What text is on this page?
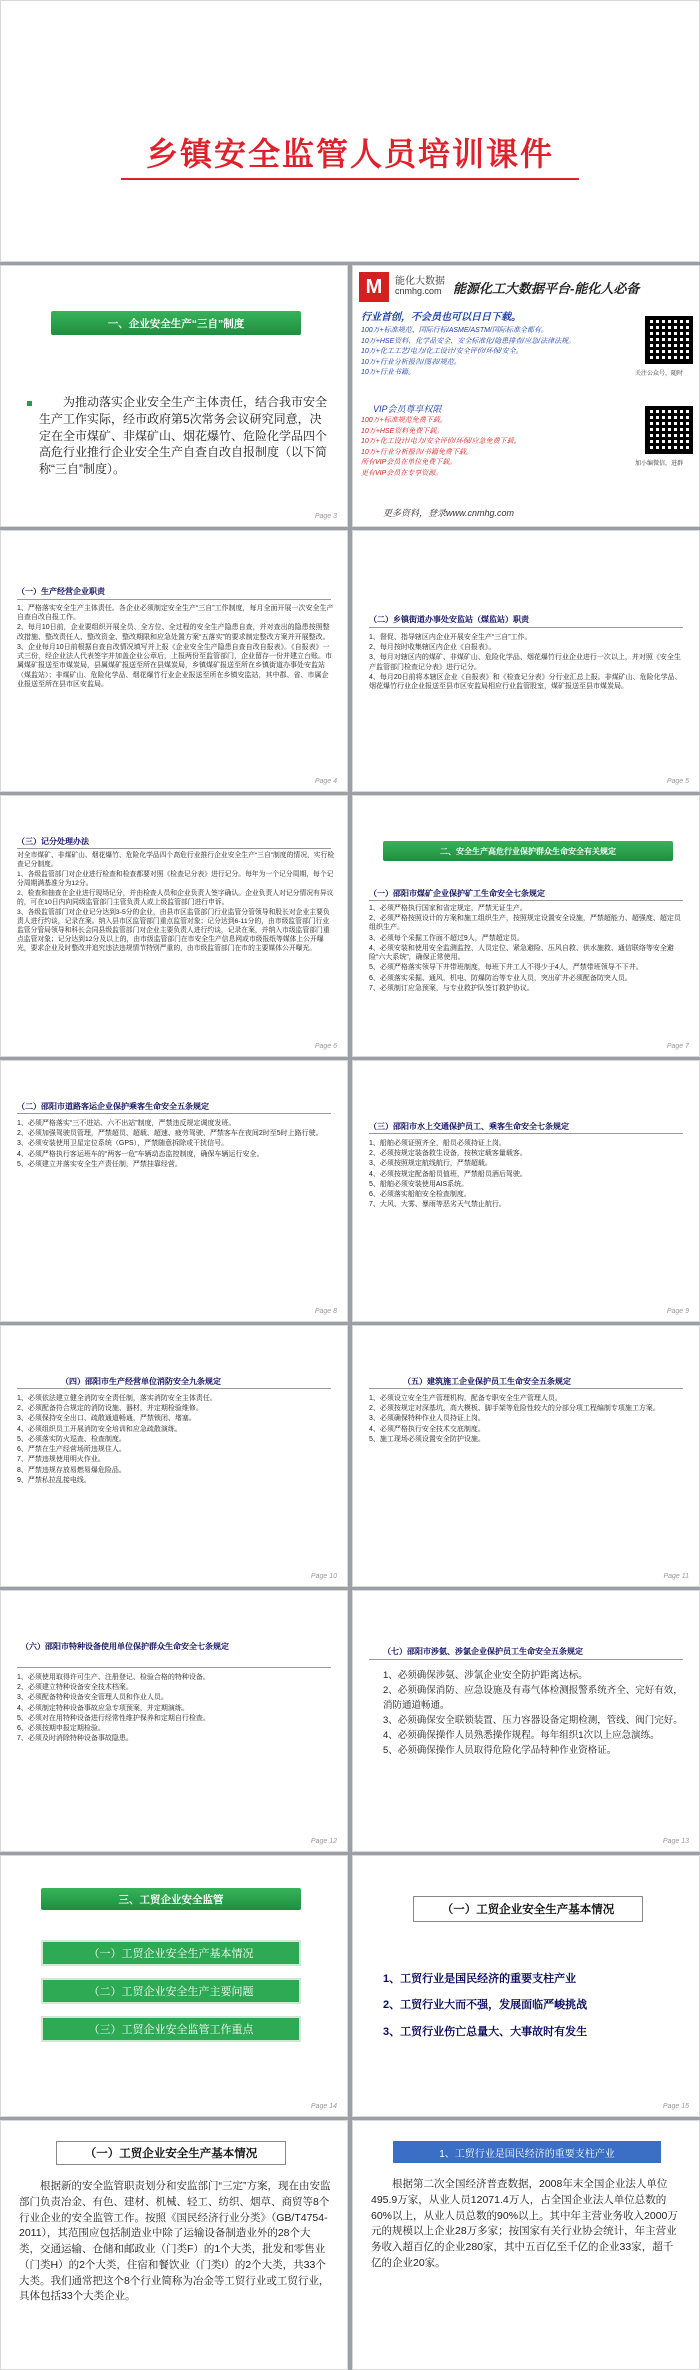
乡镇安全监管人员培训课件
一、企业安全生产“三自”制度
为推动落实企业安全生产主体责任，结合我市安全生产工作实际，经市政府第5次常务会议研究同意，决定在全市煤矿、非煤矿山、烟花爆竹、危险化学品四个高危行业推行企业安全生产自查自改自报制度（以下简称“三自”制度）。
Page 3
M	能化大数据
cnmhg.com 能源化工大数据平台-能化人必备
行业首创，不会员也可以日日下载。
100万+标准规范、国际行标/ASME/ASTM/国际标准全都有。
10万+HSE资料、化学品安全、安全标准化/隐患排查/应急/法律法规。
10万+化工工艺/电力/化工设计/安全评价/环保/安全。
10万+行业分析报告/图表/规范。
10万+行业书籍。
VIP会员尊享权限
100万+标准规范免费下载。
10万+HSE资料免费下载。
10万+化工设计/电力/安全评价/环保/应急免费下载。
10万+行业分析报告/书籍免费下载。
所有VIP会员在单位免费下载。
更有VIP会员在专享资源。
关注公众号，随时
加小编微信，进群
更多资料，登录www.cnmhg.com
（一）生产经营企业职责

1、严格落实安全生产主体责任。各企业必须制定安全生产“三自”工作制度，每月全面开展一次安全生产自查自改自报工作。

2、每月10日前，企业要组织开展全员、全方位、全过程的安全生产隐患自查，并对查出的隐患按照整改措施、整改责任人、整改资金、整改期限和应急处置方案“五落实”的要求制定整改方案并开展整改。

3、企业每月10日前根据自查自改情况填写并上报《企业安全生产隐患自查自改自报表》。《自报表》一式三份，经企业法人代表签字并加盖企业公章后，上报两份至监管部门，企业留存一份并建立台账。市属煤矿报送至市煤炭局，县属煤矿报送至所在县煤炭局，乡镇煤矿报送至所在乡镇街道办事处安监站（煤监站）；非煤矿山、危险化学品、烟花爆竹行业企业报送至所在乡镇安监站，其中郡、省、市属企业报送至所在县市区安监局。

Page 4
（二）乡镇街道办事处安监站（煤监站）职责

1、督促、指导辖区内企业开展安全生产“三自”工作。

2、每月按时收集辖区内企业《自报表》。

3、每月对辖区内的煤矿、非煤矿山、危险化学品、烟花爆竹行业企业进行一次以上，并对照《安全生产监管部门检查记分表》进行记分。

4、每月20日前将本辖区企业《自报表》和《检查记分表》分行业汇总上报。非煤矿山、危险化学品、烟花爆竹行业企业报送至县市区安监局相应行业监管股室，煤矿报送至县市煤炭局。

Page 5
（三）记分处理办法

对全市煤矿、非煤矿山、烟花爆竹、危险化学品四个高危行业推行企业安全生产“三自”制度的情况，实行检查记分制度。

1、各级监管部门对企业进行检查和检查都要对照《检查记分表》进行记分。每年为一个记分周期，每个记分周期满基准分为12分。

2、检查和抽查在企业进行现场记分，并由检查人员和企业负责人签字确认。企业负责人对记分情况有异议的，可在10日内向同级监管部门主管负责人或上级监管部门进行申诉。

3、各级监管部门对企业记分达到3-5分的企业，由县市区监管部门行业监管分管领导和股长对企业主要负责人进行约谈，记录在案。纳入县市区监管部门重点监管对象；记分达到6-11分的，由市级监管部门行业监管分管局领导和科长会同县级监管部门对企业主要负责人进行约谈，记录在案，并纳入市级监管部门重点监管对象；记分达到12分及以上的，由市级监管部门在市安全生产信息网或市级报纸等媒体上公开曝光，要求企业及时整改并追究违法违规情节特别严重的，由市级监管部门在市的主要媒体公开曝光。

Page 6
二、安全生产高危行业保护群众生命安全有关规定
（一）邵阳市煤矿企业保护矿工生命安全七条规定

1、必须严格执行国家和省定规定，严禁无证生产。

2、必须严格按照设计的方案和施工组织生产，按照规定设置安全设施，严禁超能力、超强度、超定员组织生产。

3、必须每个采掘工作面不超过9人，严禁超定员。

4、必须安装和使用安全监测监控、人员定位、紧急避险、压风自救、供水施救、通信联络等安全避险“六大系统”，确保正常使用。

5、必须严格落实领导下井带班制度，每班下井工人不得少于4人，严禁带班领导不下井。

6、必须落实采掘、通风、机电、防爆防治等专业人员，突出矿井必须配备防突人员。

7、必须制订应急预案，与专业救护队签订救护协议。

Page 7
（二）邵阳市道路客运企业保护乘客生命安全五条规定

1、必须严格落实“三不进站、六不出站”制度，严禁违反规定调度发班。

2、必须加强驾驶员管理，严禁超员、超载、超速、疲劳驾驶、严禁客车在夜间2时至5时上路行驶。

3、必须安装使用卫星定位系统（GPS），严禁随意拆除或干扰信号。

4、必须严格执行客运班车的“两客一危”车辆动态监控制度，确保车辆运行安全。

5、必须建立并落实安全生产责任制，严禁挂靠经营。

Page 8
（三）邵阳市水上交通保护员工、乘客生命安全七条规定

1、船舶必须证照齐全，船员必须持证上岗。

2、必须按规定装备救生设备，按核定载客量载客。

3、必须按照规定航线航行，严禁超载。

4、必须按规定配备船员值班，严禁船员酒后驾驶。

5、船舶必须安装使用AIS系统。

6、必须落实船舶安全检查制度。

7、大风、大雾、暴雨等恶劣天气禁止航行。

Page 9
（四）邵阳市生产经营单位消防安全九条规定

1、必须依法建立健全消防安全责任制，落实消防安全主体责任。

2、必须配备符合规定的消防设施、器材，并定期检验维修。

3、必须保持安全出口、疏散通道畅通，严禁锁闭、堵塞。

4、必须组织员工开展消防安全培训和应急疏散演练。

5、必须落实防火巡查、检查制度。

6、严禁在生产经营场所违规住人。

7、严禁违规使用明火作业。

8、严禁违规存放易燃易爆危险品。

9、严禁私拉乱接电线。

Page 10
（五）建筑施工企业保护员工生命安全五条规定

1、必须设立安全生产管理机构，配备专职安全生产管理人员。

2、必须按规定对深基坑、高大模板、脚手架等危险性较大的分部分项工程编制专项施工方案。

3、必须确保特种作业人员持证上岗。

4、必须严格执行安全技术交底制度。

5、施工现场必须设置安全防护设施。

Page 11
（六）邵阳市特种设备使用单位保护群众生命安全七条规定

1、必须使用取得许可生产、注册登记、检验合格的特种设备。

2、必须建立特种设备安全技术档案。

3、必须配备特种设备安全管理人员和作业人员。

4、必须制定特种设备事故应急专项预案，并定期演练。

5、必须对在用特种设备进行经常性维护保养和定期自行检查。

6、必须按期申报定期检验。

7、必须及时消除特种设备事故隐患。

Page 12
（七）邵阳市涉氨、涉氯企业保护员工生命安全五条规定

1、必须确保涉氨、涉氯企业安全防护距离达标。

2、必须确保消防、应急设施及有毒气体检测报警系统齐全、完好有效，消防通道畅通。

3、必须确保安全联锁装置、压力容器设备定期检测，管线、阀门完好。

4、必须确保操作人员熟悉操作规程。每年组织1次以上应急演练。

5、必须确保操作人员取得危险化学品特种作业资格证。

Page 13
三、工贸企业安全监管
（一）工贸企业安全生产基本情况
（二）工贸企业安全生产主要问题
（三）工贸企业安全监管工作重点
Page 14
（一）工贸企业安全生产基本情况
1、工贸行业是国民经济的重要支柱产业
2、工贸行业大而不强，发展面临严峻挑战
3、工贸行业伤亡总量大、大事故时有发生
Page 15
（一）工贸企业安全生产基本情况
根据新的安全监管职责划分和安监部门“三定”方案，现在由安监部门负责冶金、有色、建材、机械、轻工、纺织、烟草、商贸等8个行业企业的安全监管工作。按照《国民经济行业分类》（GB/T4754-2011），其范围应包括制造业中除了运输设备制造业外的28个大类，交通运输、仓储和邮政业（门类F）的1个大类，批发和零售业（门类H）的2个大类，住宿和餐饮业（门类I）的2个大类，共33个大类。我们通常把这个8个行业简称为冶金等工贸行业或工贸行业，具体包括33个大类企业。
1、工贸行业是国民经济的重要支柱产业
根据第二次全国经济普查数据，2008年末全国企业法人单位495.9万家，从业人员12071.4万人，占全国企业法人单位总数的60%以上，从业人员总数的90%以上。其中年主营业务收入2000万元的规模以上企业28万多家；按国家有关行业协会统计，年主营业务收入超百亿的企业280家，其中五百亿至千亿的企业33家，超千亿的企业20家。
